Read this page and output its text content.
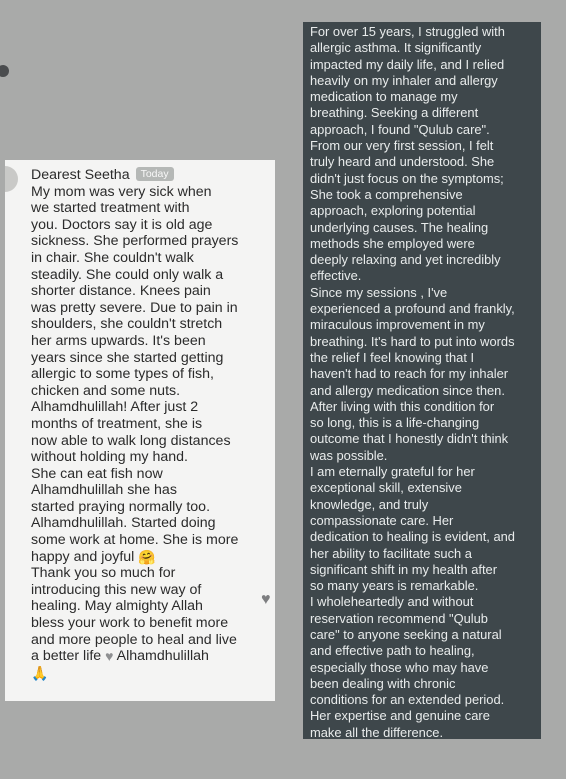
Dearest Seetha Today
My mom was very sick when
we started treatment with
you. Doctors say it is old age
sickness. She performed prayers
in chair. She couldn't walk
steadily. She could only walk a
shorter distance. Knees pain
was pretty severe. Due to pain in
shoulders, she couldn't stretch
her arms upwards. It's been
years since she started getting
allergic to some types of fish,
chicken and some nuts.
Alhamdhulillah! After just 2
months of treatment, she is
now able to walk long distances
without holding my hand.
She can eat fish now
Alhamdhulillah she has
started praying normally too.
Alhamdhulillah. Started doing
some work at home. She is more
happy and joyful 🤗
Thank you so much for
introducing this new way of
healing. May almighty Allah
bless your work to benefit more
and more people to heal and live
a better life ♥ Alhamdhulillah
🙏
♥
For over 15 years, I struggled with
allergic asthma. It significantly
impacted my daily life, and I relied
heavily on my inhaler and allergy
medication to manage my
breathing. Seeking a different
approach, I found "Qulub care".
From our very first session, I felt
truly heard and understood. She
didn't just focus on the symptoms;
She took a comprehensive
approach, exploring potential
underlying causes. The healing
methods she employed were
deeply relaxing and yet incredibly
effective.
Since my sessions , I've
experienced a profound and frankly,
miraculous improvement in my
breathing. It's hard to put into words
the relief I feel knowing that I
haven't had to reach for my inhaler
and allergy medication since then.
After living with this condition for
so long, this is a life-changing
outcome that I honestly didn't think
was possible.
I am eternally grateful for her
exceptional skill, extensive
knowledge, and truly
compassionate care. Her
dedication to healing is evident, and
her ability to facilitate such a
significant shift in my health after
so many years is remarkable.
I wholeheartedly and without
reservation recommend "Qulub
care" to anyone seeking a natural
and effective path to healing,
especially those who may have
been dealing with chronic
conditions for an extended period.
Her expertise and genuine care
make all the difference.
